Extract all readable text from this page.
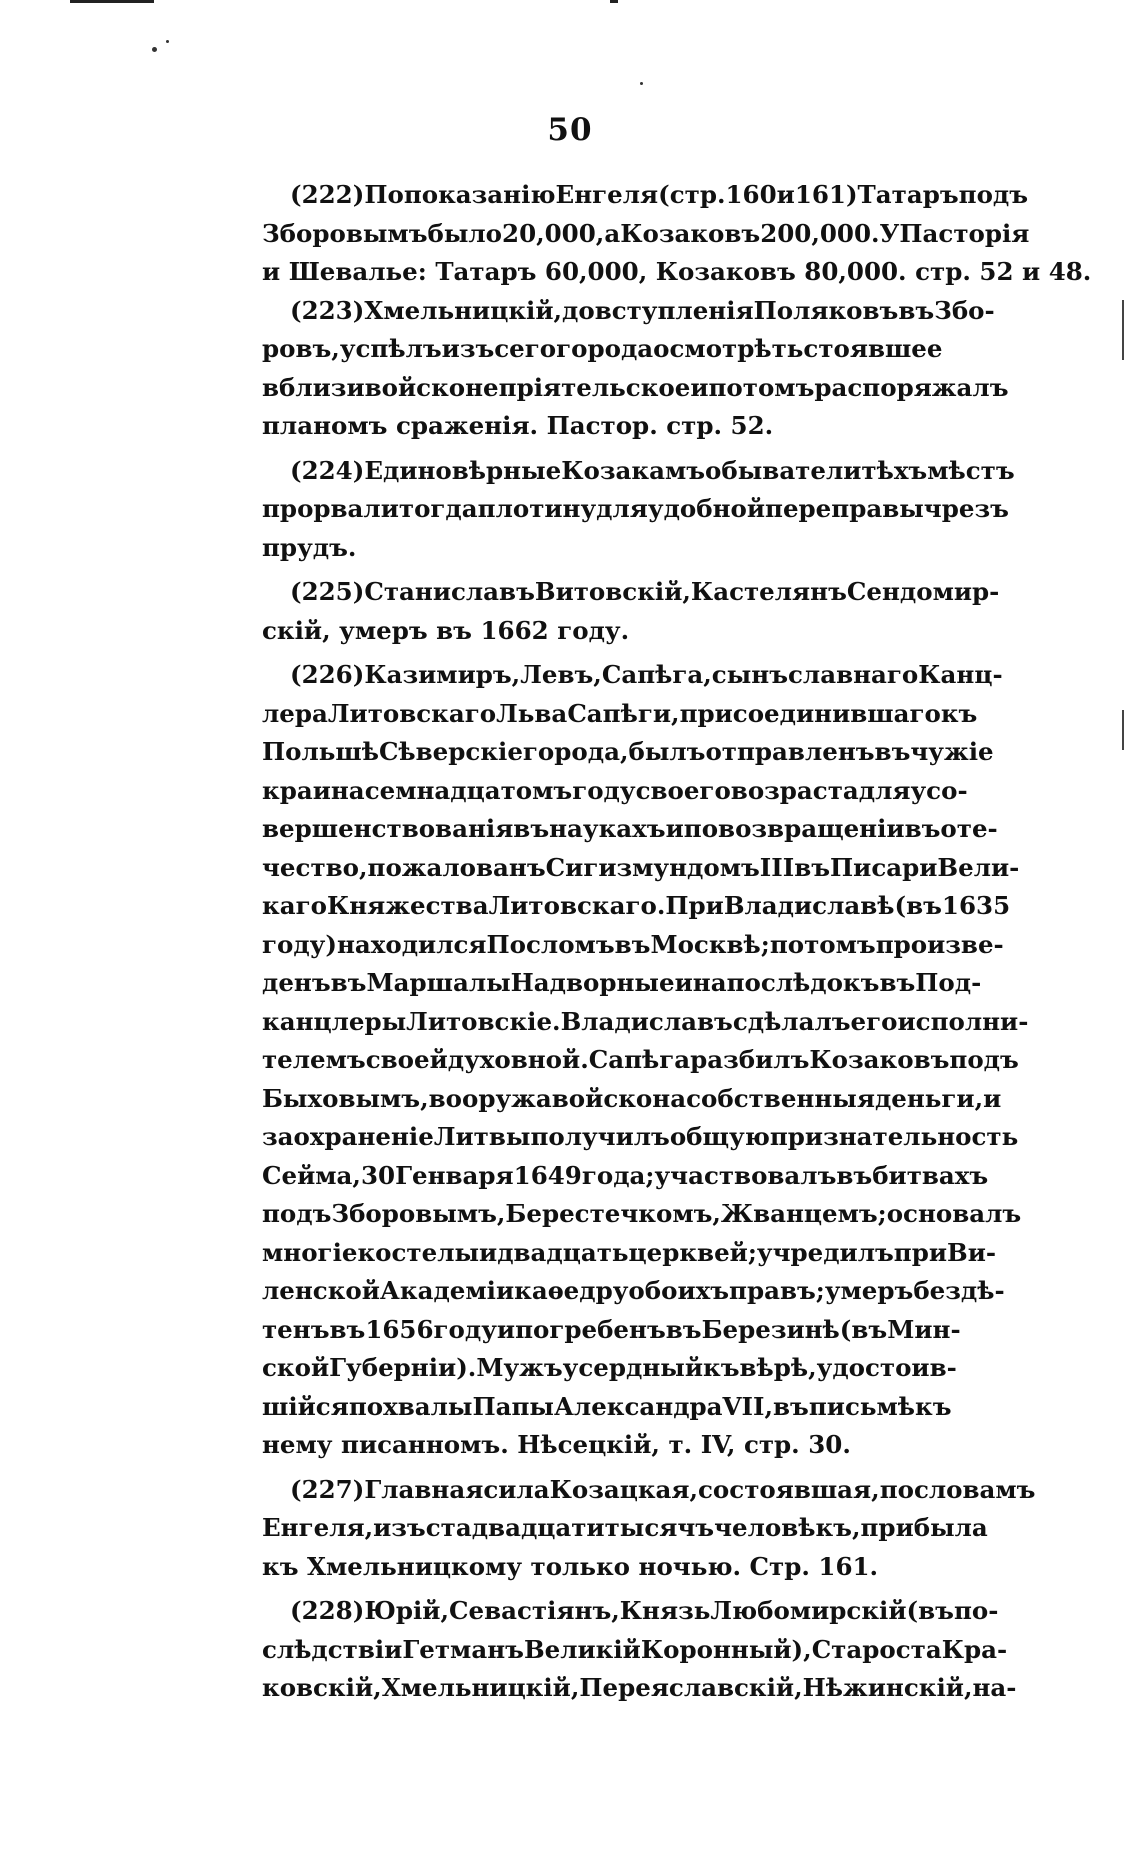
50
(222) По показанію Енгеля (стр. 160 и 161) Татаръ подъ
Зборовымъ было 20,000, а Козаковъ 200,000. У Пасторія
и Шевалье: Татаръ 60,000, Козаковъ 80,000. стр. 52 и 48.
(223) Хмельницкій, до вступленія Поляковъ въ Збо-
ровъ, успѣлъ изъ сего города осмотрѣть стоявшее
вблизи войско непріятельское и потомъ распоряжалъ
планомъ сраженія. Пастор. стр. 52.
(224) Единовѣрные Козакамъ обыватели тѣхъ мѣстъ
прорвали тогда плотину для удобной переправы чрезъ
прудъ.
(225) Станиславъ Витовскій, Кастелянъ Сендомир-
скій, умеръ въ 1662 году.
(226) Казимиръ, Левъ, Сапѣга, сынъ славнаго Канц-
лера Литовскаго Льва Сапѣги, присоединившаго къ
Польшѣ Сѣверскіе города, былъ отправленъ въ чужіе
краи на семнадцатомъ году своего возраста для усо-
вершенствованія въ наукахъ и по возвращеніи въ оте-
чество, пожалованъ Сигизмундомъ III въ Писари Вели-
каго Княжества Литовскаго. При Владиславѣ (въ 1635
году) находился Посломъ въ Москвѣ; потомъ произве-
денъ въ Маршалы Надворные и напослѣдокъ въ Под-
канцлеры Литовскіе. Владиславъ сдѣлалъ его исполни-
телемъ своей духовной. Сапѣга разбилъ Козаковъ подъ
Быховымъ, вооружа войско на собственныя деньги, и
за охраненіе Литвы получилъ общую признательность
Сейма, 30 Генваря 1649 года; участвовалъ въ битвахъ
подъ Зборовымъ, Берестечкомъ, Жванцемъ; основалъ
многіе костелы и двадцать церквей; учредилъ при Ви-
ленской Академіи каѳедру обоихъ правъ; умеръ бездѣ-
тенъ въ 1656 году и погребенъ въ Березинѣ (въ Мин-
ской Губерніи). Мужъ усердный къ вѣрѣ, удостоив-
шійся похвалы Папы Александра VII, въ письмѣ къ
нему писанномъ. Нѣсецкій, т. IV, стр. 30.
(227) Главная сила Козацкая, состоявшая, по словамъ
Енгеля, изъ ста двадцати тысячъ человѣкъ, прибыла
къ Хмельницкому только ночью. Стр. 161.
(228) Юрій, Севастіянъ, Князь Любомирскій (въ по-
слѣдствіи Гетманъ Великій Коронный), Староста Кра-
ковскій, Хмельницкій, Переяславскій, Нѣжинскій, на-
